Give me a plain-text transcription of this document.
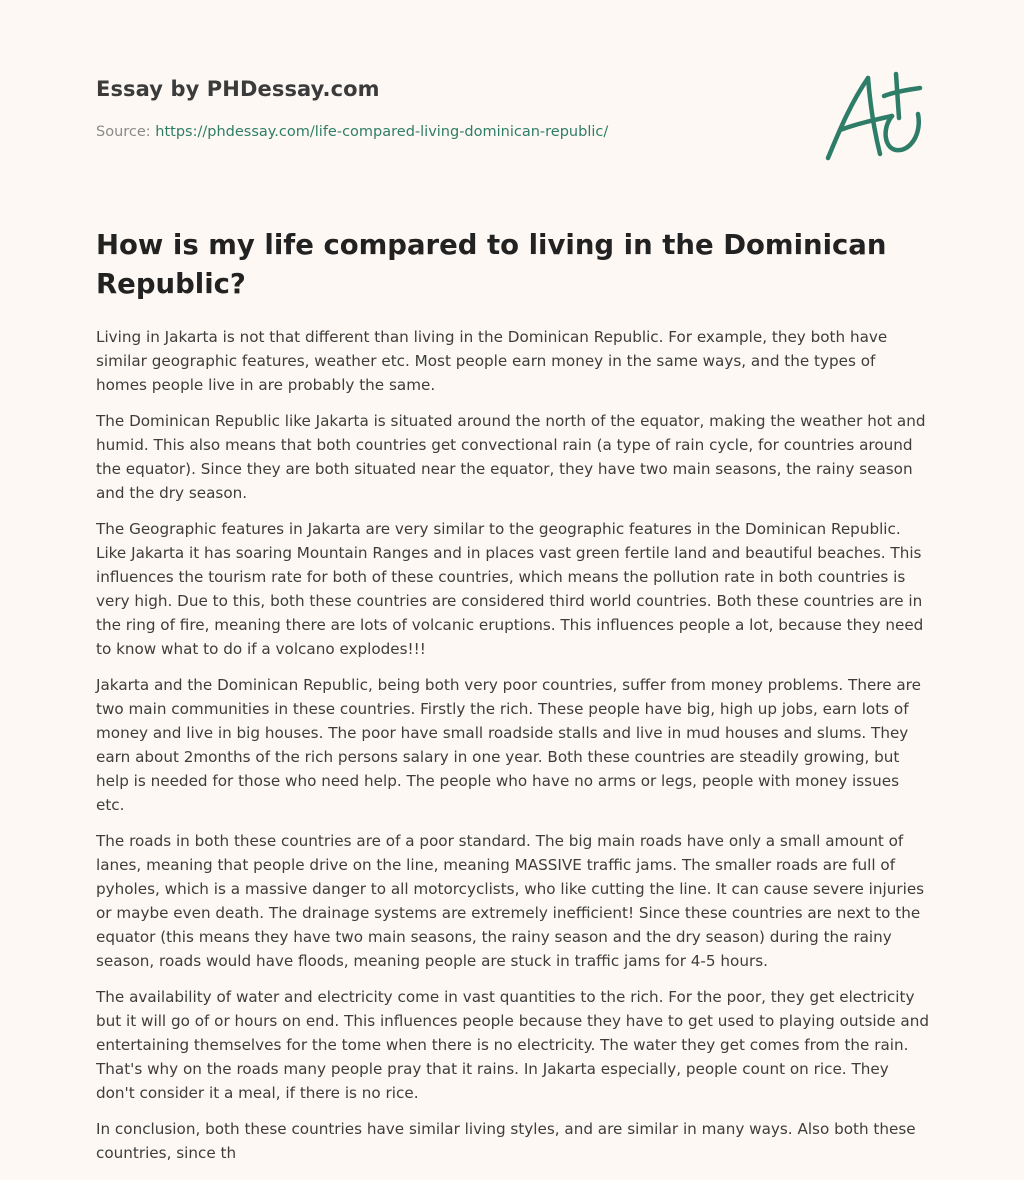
Essay by PHDessay.com
Source: https://phdessay.com/life-compared-living-dominican-republic/
How is my life compared to living in the Dominican Republic?

Living in Jakarta is not that different than living in the Dominican Republic. For example, they both have similar geographic features, weather etc. Most people earn money in the same ways, and the types of homes people live in are probably the same.

The Dominican Republic like Jakarta is situated around the north of the equator, making the weather hot and humid. This also means that both countries get convectional rain (a type of rain cycle, for countries around the equator). Since they are both situated near the equator, they have two main seasons, the rainy season and the dry season.

The Geographic features in Jakarta are very similar to the geographic features in the Dominican Republic. Like Jakarta it has soaring Mountain Ranges and in places vast green fertile land and beautiful beaches. This influences the tourism rate for both of these countries, which means the pollution rate in both countries is very high. Due to this, both these countries are considered third world countries. Both these countries are in the ring of fire, meaning there are lots of volcanic eruptions. This influences people a lot, because they need to know what to do if a volcano explodes!!!

Jakarta and the Dominican Republic, being both very poor countries, suffer from money problems. There are two main communities in these countries. Firstly the rich. These people have big, high up jobs, earn lots of money and live in big houses. The poor have small roadside stalls and live in mud houses and slums. They earn about 2months of the rich persons salary in one year. Both these countries are steadily growing, but help is needed for those who need help. The people who have no arms or legs, people with money issues etc.

The roads in both these countries are of a poor standard. The big main roads have only a small amount of lanes, meaning that people drive on the line, meaning MASSIVE traffic jams. The smaller roads are full of pyholes, which is a massive danger to all motorcyclists, who like cutting the line. It can cause severe injuries or maybe even death. The drainage systems are extremely inefficient! Since these countries are next to the equator (this means they have two main seasons, the rainy season and the dry season) during the rainy season, roads would have floods, meaning people are stuck in traffic jams for 4-5 hours.

The availability of water and electricity come in vast quantities to the rich. For the poor, they get electricity but it will go of or hours on end. This influences people because they have to get used to playing outside and entertaining themselves for the tome when there is no electricity. The water they get comes from the rain. That's why on the roads many people pray that it rains. In Jakarta especially, people count on rice. They don't consider it a meal, if there is no rice.

In conclusion, both these countries have similar living styles, and are similar in many ways. Also both these countries, since th
